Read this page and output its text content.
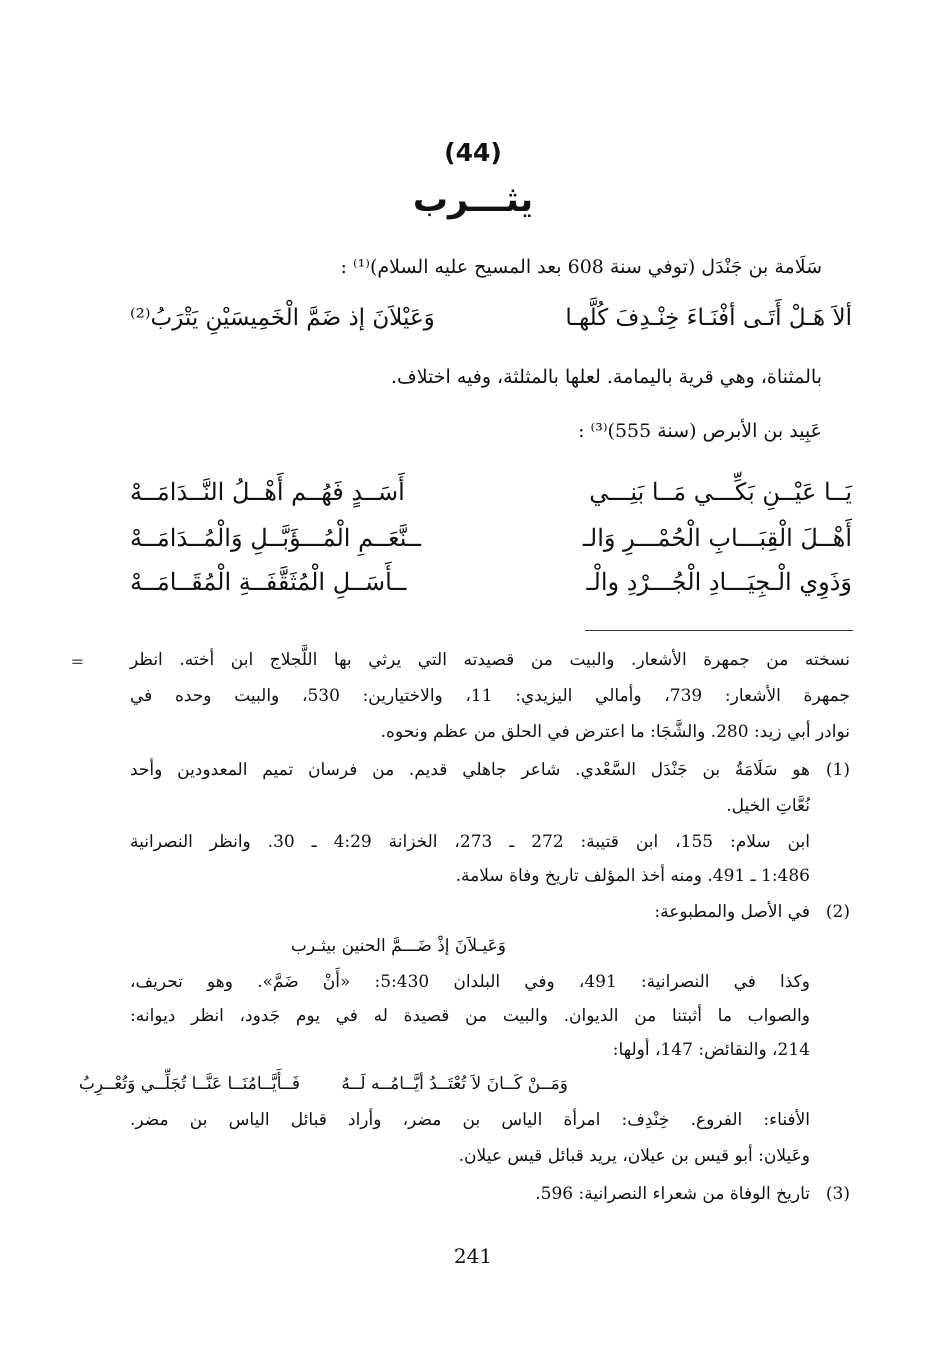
(44)
يثـــرب
سَلَامة بن جَنْدَل (توفي سنة 608 بعد المسيح عليه السلام)⁽¹⁾ :
ألاَ هَـلْ أَتَـى أفْنَـاءَ خِنْـدِفَ كُلَّهـا
وَعَيْلاَنَ إذ ضَمَّ الْخَمِيسَيْنِ يَتْرَبُ⁽²⁾
بالمثناة، وهي قرية باليمامة. لعلها بالمثلثة، وفيه اختلاف.
عَبِيد بن الأبرص (سنة 555)⁽³⁾ :
يَــا عَيْــنِ بَكِّـــي مَــا بَنِـــي
أَسَــدٍ فَهُــم أَهْــلُ النَّــدَامَــهْ
أَهْــلَ الْقِبَـــابِ الْحُمْـــرِ وَالـ
ــنَّعَــمِ الْمُـــؤَبَّــلِ وَالْمُــدَامَــهْ
وَذَوِي الْـجِيَـــادِ الْجُـــرْدِ والْـ
ــأَسَــلِ الْمُثَقَّفَــةِ الْمُقَــامَــهْ
=	نسخته من جمهرة الأشعار. والبيت من قصيدته التي يرثي بها اللَّجلاج ابن أخته. انظر
جمهرة الأشعار: 739، وأمالي اليزيدي: 11، والاختيارين: 530، والبيت وحده في
نوادر أبي زيد: 280. والشَّجَا: ما اعترض في الحلق من عظم ونحوه.
(1)
هو سَلَامَةُ بن جَنْدَل السَّعْدي. شاعر جاهلي قديم. من فرسان تميم المعدودين وأحد
نُعَّاتِ الخيل.
ابن سلام: 155، ابن قتيبة: 272 ـ 273، الخزانة 4:29 ـ 30. وانظر النصرانية
1:486 ـ 491. ومنه أخذ المؤلف تاريخ وفاة سلامة.
(2)
في الأصل والمطبوعة:
وَعَيـلاَنَ إذْ ضَـــمَّ الحنين بيثـرب
وكذا في النصرانية: 491، وفي البلدان 5:430: «أَنْ ضَمَّ». وهو تحريف،
والصواب ما أثبتنا من الديوان. والبيت من قصيدة له في يوم جَدود، انظر ديوانه:
214، والنقائض: 147، أولها:
وَمَــنْ كَــانَ لاَ تُعْتَــدُ أيَّــامُــه لَــهُ
فَــأَيَّــامُنَــا عَنَّــا تُجَلِّــي وَتُعْــرِبُ
الأفناء: الفروع. خِنْدِف: امرأة الياس بن مضر، وأراد قبائل الياس بن مضر.
وعَيلان: أبو قيس بن عيلان، يريد قبائل قيس عيلان.
(3)
تاريخ الوفاة من شعراء النصرانية: 596.
241
